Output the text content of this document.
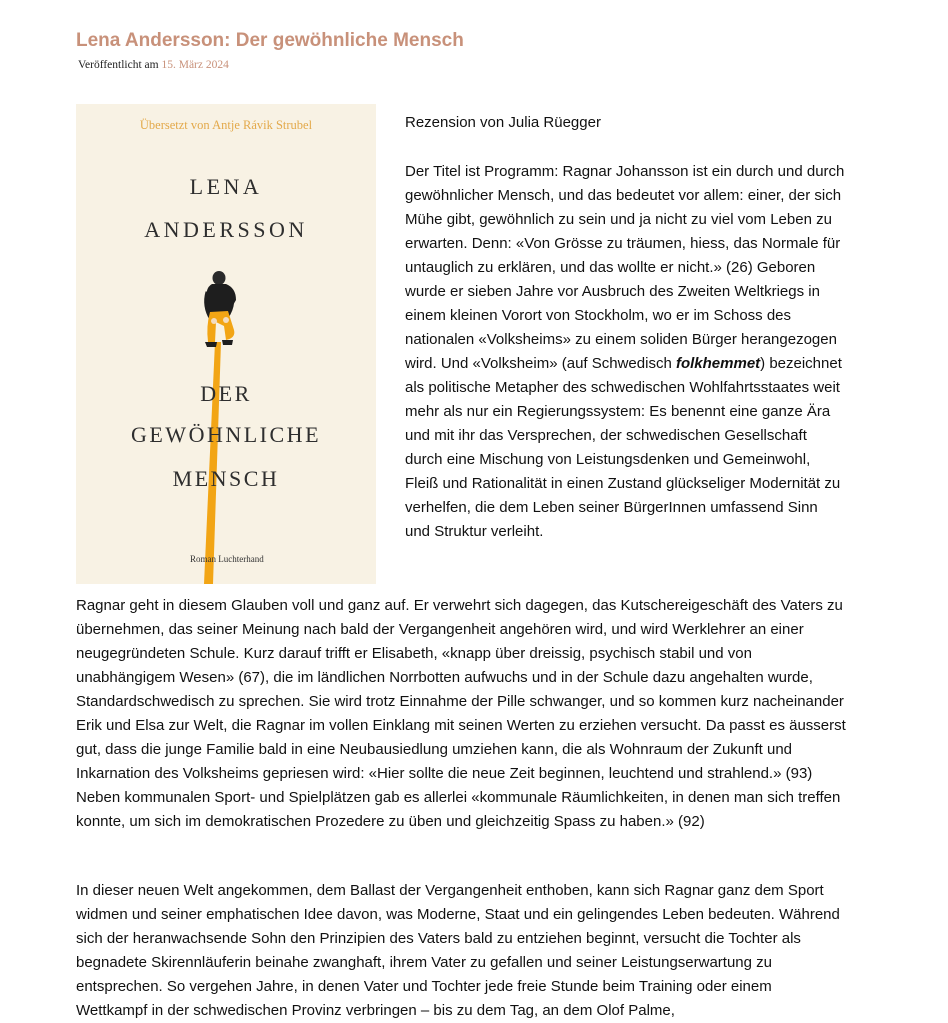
Lena Andersson: Der gewöhnliche Mensch
Veröffentlicht am 15. März 2024
Übersetzt von Antje Rávik Strubel
LENA
ANDERSSON
DER
GEWÖHNLICHE
MENSCH
Roman Luchterhand
Rezension von Julia Rüegger

Der Titel ist Programm: Ragnar Johansson ist ein durch und durch gewöhnlicher Mensch, und das bedeutet vor allem: einer, der sich Mühe gibt, gewöhnlich zu sein und ja nicht zu viel vom Leben zu erwarten. Denn: «Von Grösse zu träumen, hiess, das Normale für untauglich zu erklären, und das wollte er nicht.» (26) Geboren wurde er sieben Jahre vor Ausbruch des Zweiten Weltkriegs in einem kleinen Vorort von Stockholm, wo er im Schoss des nationalen «Volksheims» zu einem soliden Bürger herangezogen wird. Und «Volksheim» (auf Schwedisch folkhemmet) bezeichnet als politische Metapher des schwedischen Wohlfahrtsstaates weit mehr als nur ein Regierungssystem: Es benennt eine ganze Ära und mit ihr das Versprechen, der schwedischen Gesellschaft durch eine Mischung von Leistungsdenken und Gemeinwohl, Fleiß und Rationalität in einen Zustand glückseliger Modernität zu verhelfen, die dem Leben seiner BürgerInnen umfassend Sinn und Struktur verleiht.

Ragnar geht in diesem Glauben voll und ganz auf. Er verwehrt sich dagegen, das Kutschereigeschäft des Vaters zu übernehmen, das seiner Meinung nach bald der Vergangenheit angehören wird, und wird Werklehrer an einer neugegründeten Schule. Kurz darauf trifft er Elisabeth, «knapp über dreissig, psychisch stabil und von unabhängigem Wesen» (67), die im ländlichen Norrbotten aufwuchs und in der Schule dazu angehalten wurde, Standardschwedisch zu sprechen. Sie wird trotz Einnahme der Pille schwanger, und so kommen kurz nacheinander Erik und Elsa zur Welt, die Ragnar im vollen Einklang mit seinen Werten zu erziehen versucht. Da passt es äusserst gut, dass die junge Familie bald in eine Neubausiedlung umziehen kann, die als Wohnraum der Zukunft und Inkarnation des Volksheims gepriesen wird: «Hier sollte die neue Zeit beginnen, leuchtend und strahlend.» (93) Neben kommunalen Sport- und Spielplätzen gab es allerlei «kommunale Räumlichkeiten, in denen man sich treffen konnte, um sich im demokratischen Prozedere zu üben und gleichzeitig Spass zu haben.» (92)

In dieser neuen Welt angekommen, dem Ballast der Vergangenheit enthoben, kann sich Ragnar ganz dem Sport widmen und seiner emphatischen Idee davon, was Moderne, Staat und ein gelingendes Leben bedeuten. Während sich der heranwachsende Sohn den Prinzipien des Vaters bald zu entziehen beginnt, versucht die Tochter als begnadete Skirennläuferin beinahe zwanghaft, ihrem Vater zu gefallen und seiner Leistungserwartung zu entsprechen. So vergehen Jahre, in denen Vater und Tochter jede freie Stunde beim Training oder einem Wettkampf in der schwedischen Provinz verbringen – bis zu dem Tag, an dem Olof Palme,
